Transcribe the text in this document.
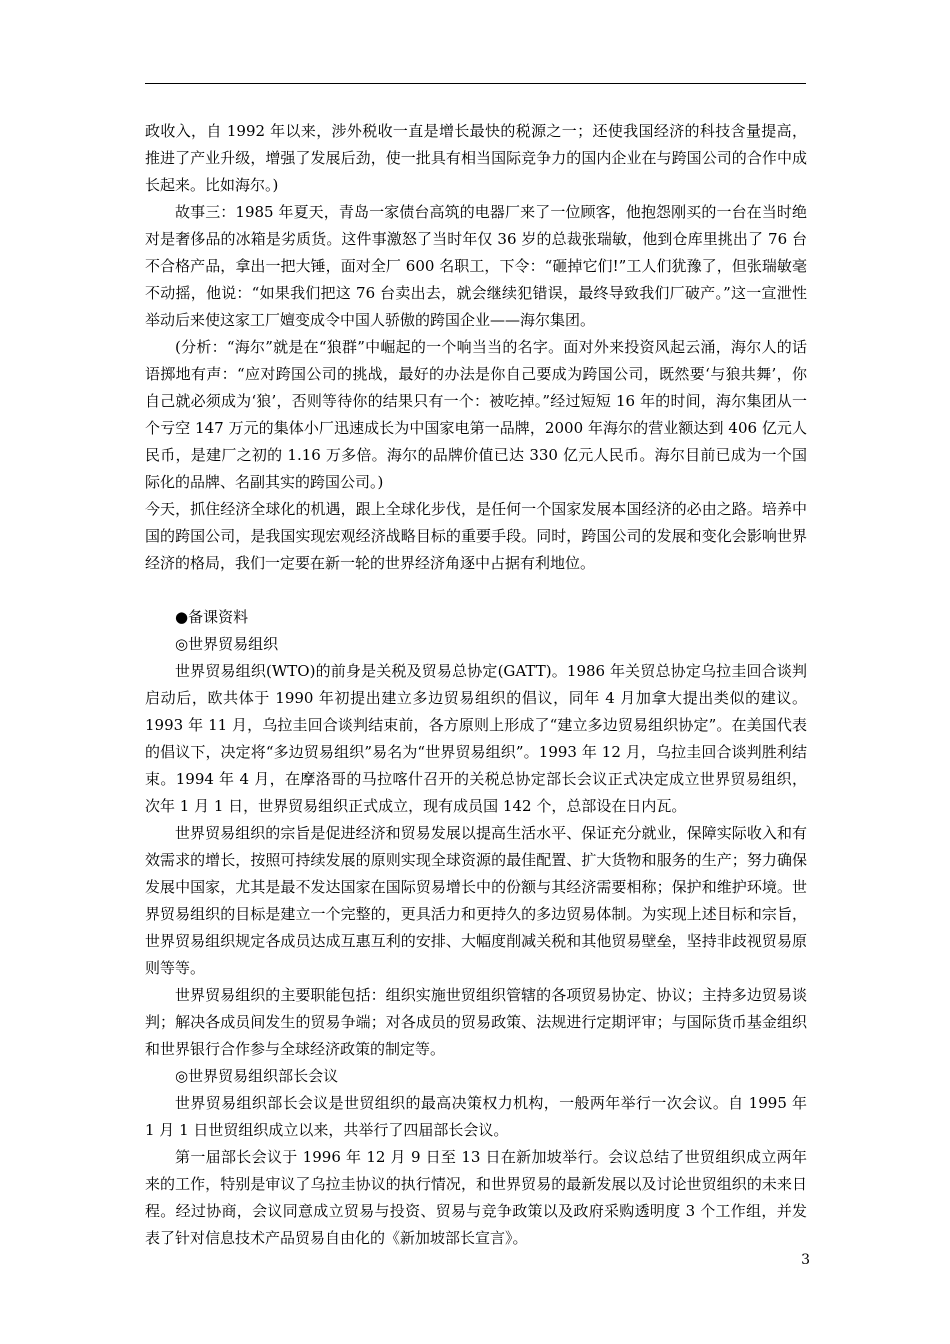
政收入，自 1992 年以来，涉外税收一直是增长最快的税源之一；还使我国经济的科技含量提高，推进了产业升级，增强了发展后劲，使一批具有相当国际竞争力的国内企业在与跨国公司的合作中成长起来。比如海尔。)

故事三：1985 年夏天，青岛一家债台高筑的电器厂来了一位顾客，他抱怨刚买的一台在当时绝对是奢侈品的冰箱是劣质货。这件事激怒了当时年仅 36 岁的总裁张瑞敏，他到仓库里挑出了 76 台不合格产品，拿出一把大锤，面对全厂 600 名职工，下令：“砸掉它们!”工人们犹豫了，但张瑞敏毫不动摇，他说：“如果我们把这 76 台卖出去，就会继续犯错误，最终导致我们厂破产。”这一宣泄性举动后来使这家工厂嬗变成令中国人骄傲的跨国企业——海尔集团。

(分析：“海尔”就是在“狼群”中崛起的一个响当当的名字。面对外来投资风起云涌，海尔人的话语掷地有声：“应对跨国公司的挑战，最好的办法是你自己要成为跨国公司，既然要‘与狼共舞’，你自己就必须成为‘狼’，否则等待你的结果只有一个：被吃掉。”经过短短 16 年的时间，海尔集团从一个亏空 147 万元的集体小厂迅速成长为中国家电第一品牌，2000 年海尔的营业额达到 406 亿元人民币，是建厂之初的 1.16 万多倍。海尔的品牌价值已达 330 亿元人民币。海尔目前已成为一个国际化的品牌、名副其实的跨国公司。)

今天，抓住经济全球化的机遇，跟上全球化步伐，是任何一个国家发展本国经济的必由之路。培养中国的跨国公司，是我国实现宏观经济战略目标的重要手段。同时，跨国公司的发展和变化会影响世界经济的格局，我们一定要在新一轮的世界经济角逐中占据有利地位。

●备课资料

◎世界贸易组织

世界贸易组织(WTO)的前身是关税及贸易总协定(GATT)。1986 年关贸总协定乌拉圭回合谈判启动后，欧共体于 1990 年初提出建立多边贸易组织的倡议，同年 4 月加拿大提出类似的建议。1993 年 11 月，乌拉圭回合谈判结束前，各方原则上形成了“建立多边贸易组织协定”。在美国代表的倡议下，决定将“多边贸易组织”易名为“世界贸易组织”。1993 年 12 月，乌拉圭回合谈判胜利结束。1994 年 4 月，在摩洛哥的马拉喀什召开的关税总协定部长会议正式决定成立世界贸易组织，次年 1 月 1 日，世界贸易组织正式成立，现有成员国 142 个，总部设在日内瓦。

世界贸易组织的宗旨是促进经济和贸易发展以提高生活水平、保证充分就业，保障实际收入和有效需求的增长，按照可持续发展的原则实现全球资源的最佳配置、扩大货物和服务的生产；努力确保发展中国家，尤其是最不发达国家在国际贸易增长中的份额与其经济需要相称；保护和维护环境。世界贸易组织的目标是建立一个完整的，更具活力和更持久的多边贸易体制。为实现上述目标和宗旨，世界贸易组织规定各成员达成互惠互利的安排、大幅度削减关税和其他贸易壁垒，坚持非歧视贸易原则等等。

世界贸易组织的主要职能包括：组织实施世贸组织管辖的各项贸易协定、协议；主持多边贸易谈判；解决各成员间发生的贸易争端；对各成员的贸易政策、法规进行定期评审；与国际货币基金组织和世界银行合作参与全球经济政策的制定等。

◎世界贸易组织部长会议

世界贸易组织部长会议是世贸组织的最高决策权力机构，一般两年举行一次会议。自 1995 年 1 月 1 日世贸组织成立以来，共举行了四届部长会议。

第一届部长会议于 1996 年 12 月 9 日至 13 日在新加坡举行。会议总结了世贸组织成立两年来的工作，特别是审议了乌拉圭协议的执行情况，和世界贸易的最新发展以及讨论世贸组织的未来日程。经过协商，会议同意成立贸易与投资、贸易与竞争政策以及政府采购透明度 3 个工作组，并发表了针对信息技术产品贸易自由化的《新加坡部长宣言》。

3
